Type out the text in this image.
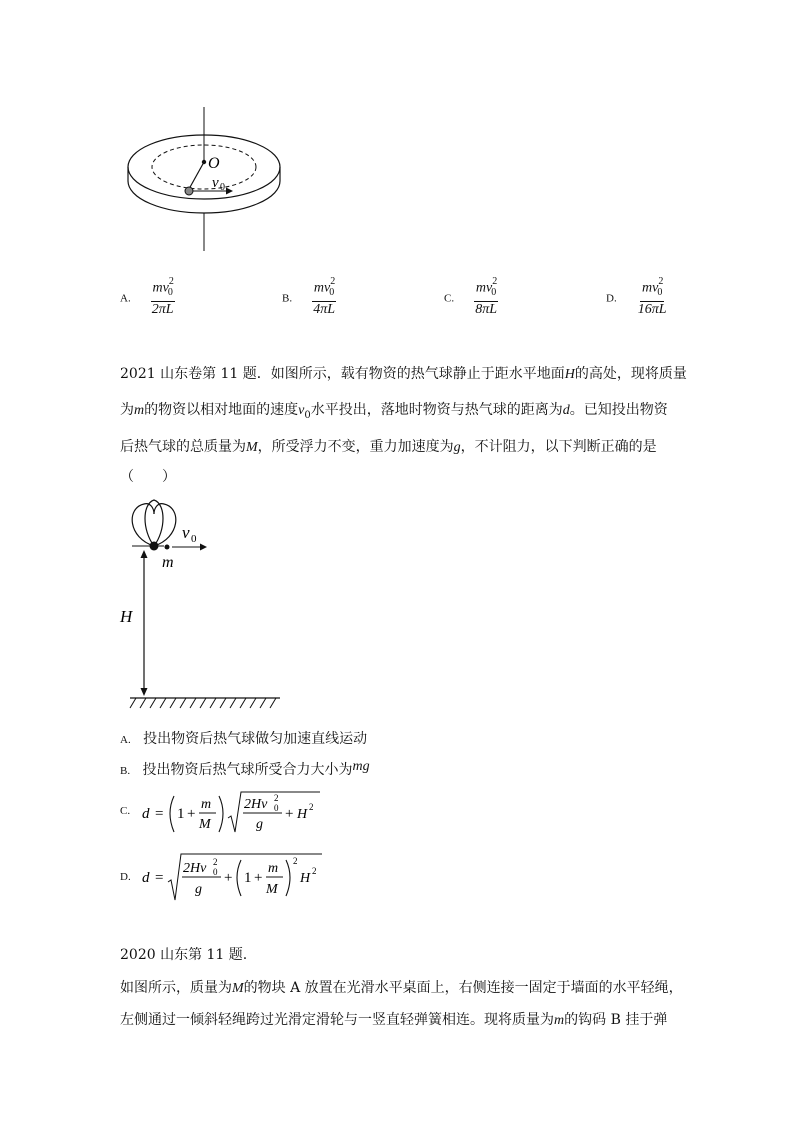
O
v 0
A. $\frac{mv^2_0}{2\pi L}$	B. $\frac{mv^2_0}{4\pi L}$	C. $\frac{mv^2_0}{8\pi L}$	D. $\frac{mv^2_0}{16\pi L}$
2021 山东卷第 11 题．如图所示，载有物资的热气球静止于距水平地面H的高处，现将质量
为m的物资以相对地面的速度$v_0$水平投出，落地时物资与热气球的距离为d。已知投出物资
后热气球的总质量为M，所受浮力不变，重力加速度为g，不计阻力，以下判断正确的是
（　　）
v 0
m
H
A. 投出物资后热气球做匀加速直线运动
B. 投出物资后热气球所受合力大小为mg
C. d = 1 +
m
M
2Hv 2
0
g
+ H 2
D. d =
2Hv 2
0
g
+ 1 +
m
M
2
H 2
2020 山东第 11 题.
如图所示，质量为M的物块 A 放置在光滑水平桌面上，右侧连接一固定于墙面的水平轻绳，
左侧通过一倾斜轻绳跨过光滑定滑轮与一竖直轻弹簧相连。现将质量为m的钩码 B 挂于弹
